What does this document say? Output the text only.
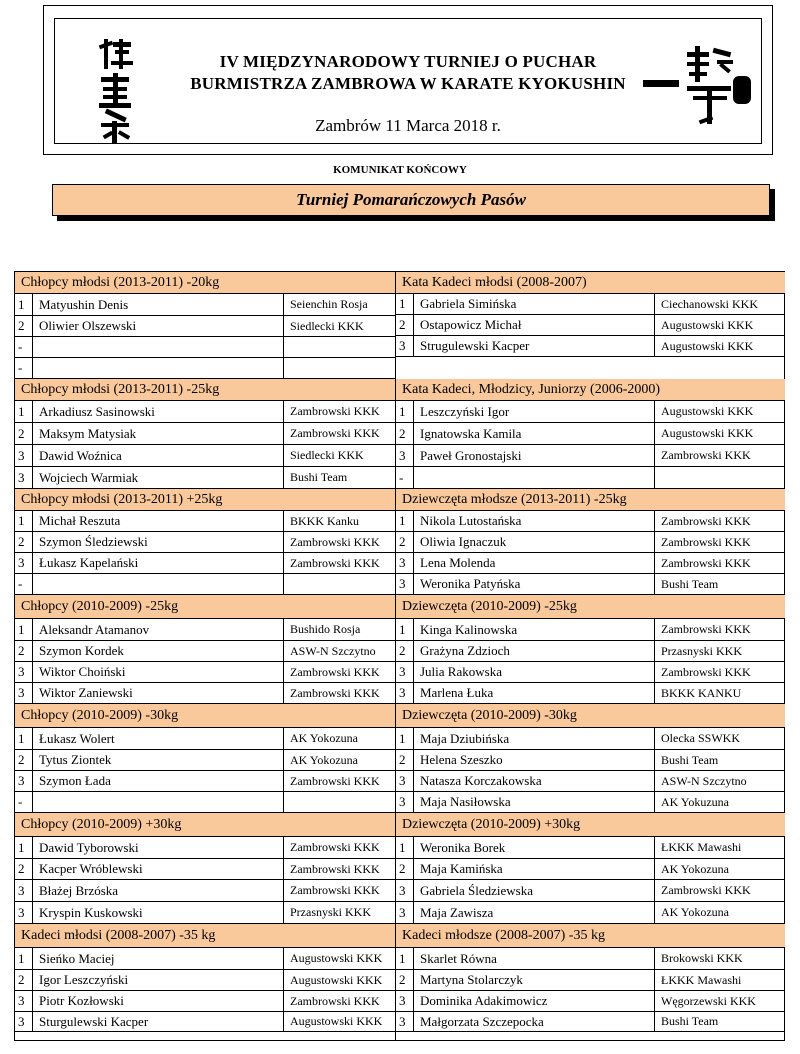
IV MIĘDZYNARODOWY TURNIEJ O PUCHAR
BURMISTRZA ZAMBROWA W KARATE KYOKUSHIN
Zambrów 11 Marca 2018 r.
KOMUNIKAT KOŃCOWY
Turniej Pomarańczowych Pasów
Chłopcy młodsi (2013-2011) -20kg
1	Matyushin Denis	Seienchin Rosja
2	Oliwier Olszewski	Siedlecki KKK
-
-
Chłopcy młodsi (2013-2011) -25kg
1	Arkadiusz Sasinowski	Zambrowski KKK
2	Maksym Matysiak	Zambrowski KKK
3	Dawid Woźnica	Siedlecki KKK
3	Wojciech Warmiak	Bushi Team
Chłopcy młodsi (2013-2011) +25kg
1	Michał Reszuta	BKKK Kanku
2	Szymon Śledziewski	Zambrowski KKK
3	Łukasz Kapelański	Zambrowski KKK
-
Chłopcy (2010-2009) -25kg
1	Aleksandr Atamanov	Bushido Rosja
2	Szymon Kordek	ASW-N Szczytno
3	Wiktor Choiński	Zambrowski KKK
3	Wiktor Zaniewski	Zambrowski KKK
Chłopcy (2010-2009) -30kg
1	Łukasz Wolert	AK Yokozuna
2	Tytus Ziontek	AK Yokozuna
3	Szymon Łada	Zambrowski KKK
-
Chłopcy (2010-2009) +30kg
1	Dawid Tyborowski	Zambrowski KKK
2	Kacper Wróblewski	Zambrowski KKK
3	Błażej Brzóska	Zambrowski KKK
3	Kryspin Kuskowski	Przasnyski KKK
Kadeci młodsi (2008-2007) -35 kg
1	Sieńko Maciej	Augustowski KKK
2	Igor Leszczyński	Augustowski KKK
3	Piotr Kozłowski	Zambrowski KKK
3	Sturgulewski Kacper	Augustowski KKK
Kata Kadeci młodsi (2008-2007)
1	Gabriela Simińska	Ciechanowski KKK
2	Ostapowicz Michał	Augustowski KKK
3	Strugulewski Kacper	Augustowski KKK
Kata Kadeci, Młodzicy, Juniorzy (2006-2000)
1	Leszczyński Igor	Augustowski KKK
2	Ignatowska Kamila	Augustowski KKK
3	Paweł Gronostajski	Zambrowski KKK
-
Dziewczęta młodsze (2013-2011) -25kg
1	Nikola Lutostańska	Zambrowski KKK
2	Oliwia Ignaczuk	Zambrowski KKK
3	Lena Molenda	Zambrowski KKK
3	Weronika Patyńska	Bushi Team
Dziewczęta (2010-2009) -25kg
1	Kinga Kalinowska	Zambrowski KKK
2	Grażyna Zdzioch	Przasnyski KKK
3	Julia Rakowska	Zambrowski KKK
3	Marlena Łuka	BKKK KANKU
Dziewczęta (2010-2009) -30kg
1	Maja Dziubińska	Olecka SSWKK
2	Helena Szeszko	Bushi Team
3	Natasza Korczakowska	ASW-N Szczytno
3	Maja Nasiłowska	AK Yokuzuna
Dziewczęta (2010-2009) +30kg
1	Weronika Borek	ŁKKK Mawashi
2	Maja Kamińska	AK Yokozuna
3	Gabriela Śledziewska	Zambrowski KKK
3	Maja Zawisza	AK Yokozuna
Kadeci młodsze (2008-2007) -35 kg
1	Skarlet Równa	Brokowski KKK
2	Martyna Stolarczyk	ŁKKK Mawashi
3	Dominika Adakimowicz	Węgorzewski KKK
3	Małgorzata Szczepocka	Bushi Team
